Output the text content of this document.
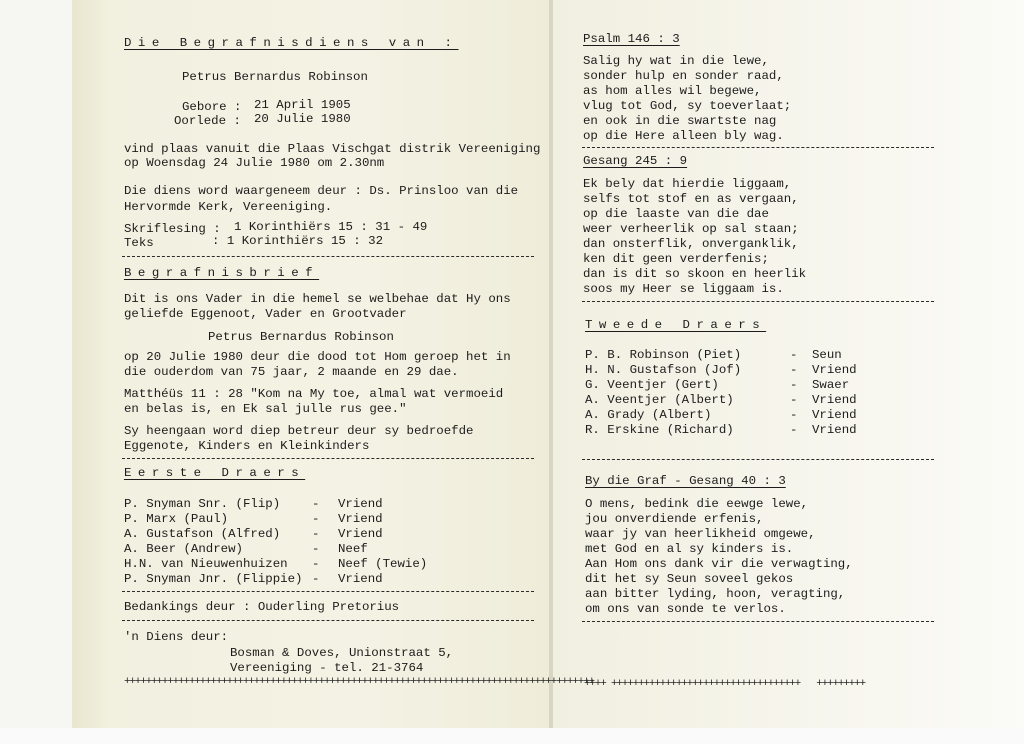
Die Begrafnisdiens van :
Petrus Bernardus Robinson
Gebore : 21 April 1905
Oorlede : 20 Julie 1980
vind plaas vanuit die Plaas Vischgat distrik Vereeniging
op Woensdag 24 Julie 1980 om 2.30nm
Die diens word waargeneem deur : Ds. Prinsloo van die
Hervormde Kerk, Vereeniging.
Skriflesing : 1 Korinthiërs 15 : 31 - 49
Teks	: 1 Korinthiërs 15 : 32
Begrafnisbrief
Dit is ons Vader in die hemel se welbehae dat Hy ons
geliefde Eggenoot, Vader en Grootvader
Petrus Bernardus Robinson
op 20 Julie 1980 deur die dood tot Hom geroep het in
die ouderdom van 75 jaar, 2 maande en 29 dae.
Matthéüs 11 : 28 "Kom na My toe, almal wat vermoeid
en belas is, en Ek sal julle rus gee."
Sy heengaan word diep betreur deur sy bedroefde
Eggenote, Kinders en Kleinkinders
Eerste Draers
P. Snyman Snr. (Flip)	- Vriend
P. Marx (Paul)	- Vriend
A. Gustafson (Alfred)	- Vriend
A. Beer (Andrew)	- Neef
H.N. van Nieuwenhuizen - Neef (Tewie)
P. Snyman Jnr. (Flippie) - Vriend
Bedankings deur : Ouderling Pretorius
'n Diens deur:
Bosman & Doves, Unionstraat 5,
Vereeniging - tel. 21-3764
+++++++++++++++++++++++++++++++++++++++++++++++++++++++++++++++++++++++++++++++++++++++
Psalm 146 : 3
Salig hy wat in die lewe,
sonder hulp en sonder raad,
as hom alles wil begewe,
vlug tot God, sy toeverlaat;
en ook in die swartste nag
op die Here alleen bly wag.
Gesang 245 : 9
Ek bely dat hierdie liggaam,
selfs tot stof en as vergaan,
op die laaste van die dae
weer verheerlik op sal staan;
dan onsterflik, onverganklik,
ken dit geen verderfenis;
dan is dit so skoon en heerlik
soos my Heer se liggaam is.
Tweede Draers
P. B. Robinson (Piet)	- Seun
H. N. Gustafson (Jof)	- Vriend
G. Veentjer (Gert)	- Swaer
A. Veentjer (Albert)	- Vriend
A. Grady (Albert)	- Vriend
R. Erskine (Richard)	- Vriend
By die Graf - Gesang 40 : 3
O mens, bedink die eewge lewe,
jou onverdiende erfenis,
waar jy van heerlikheid omgewe,
met God en al sy kinders is.
Aan Hom ons dank vir die verwagting,
dit het sy Seun soveel gekos
aan bitter lyding, hoon, veragting,
om ons van sonde te verlos.
++++ +++++++++++++++++++++++++++++++++++   +++++++++
